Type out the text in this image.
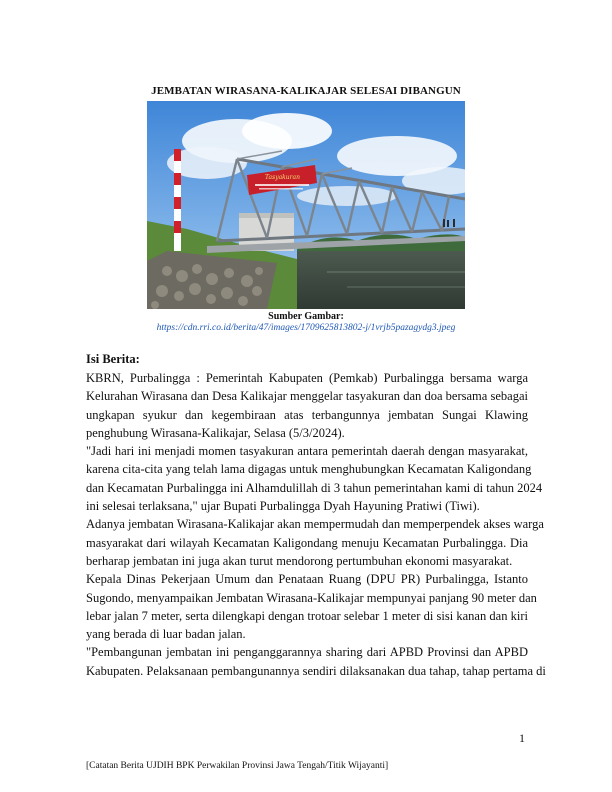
JEMBATAN WIRASANA-KALIKAJAR SELESAI DIBANGUN
Tasyakuran
Sumber Gambar:
https://cdn.rri.co.id/berita/47/images/1709625813802-j/1vrjb5pazagydg3.jpeg
Isi Berita:

KBRN, Purbalingga : Pemerintah Kabupaten (Pemkab) Purbalingga bersama warga
Kelurahan Wirasana dan Desa Kalikajar menggelar tasyakuran dan doa bersama sebagai
ungkapan syukur dan kegembiraan atas terbangunnya jembatan Sungai Klawing
penghubung Wirasana-Kalikajar, Selasa (5/3/2024).

"Jadi hari ini menjadi momen tasyakuran antara pemerintah daerah dengan masyarakat,
karena cita-cita yang telah lama digagas untuk menghubungkan Kecamatan Kaligondang
dan Kecamatan Purbalingga ini Alhamdulillah di 3 tahun pemerintahan kami di tahun 2024
ini selesai terlaksana," ujar Bupati Purbalingga Dyah Hayuning Pratiwi (Tiwi).

Adanya jembatan Wirasana-Kalikajar akan mempermudah dan memperpendek akses warga
masyarakat dari wilayah Kecamatan Kaligondang menuju Kecamatan Purbalingga. Dia
berharap jembatan ini juga akan turut mendorong pertumbuhan ekonomi masyarakat.

Kepala Dinas Pekerjaan Umum dan Penataan Ruang (DPU PR) Purbalingga, Istanto
Sugondo, menyampaikan Jembatan Wirasana-Kalikajar mempunyai panjang 90 meter dan
lebar jalan 7 meter, serta dilengkapi dengan trotoar selebar 1 meter di sisi kanan dan kiri
yang berada di luar badan jalan.

"Pembangunan jembatan ini penganggarannya sharing dari APBD Provinsi dan APBD
Kabupaten. Pelaksanaan pembangunannya sendiri dilaksanakan dua tahap, tahap pertama di

1
[Catatan Berita UJDIH BPK Perwakilan Provinsi Jawa Tengah/Titik Wijayanti]
